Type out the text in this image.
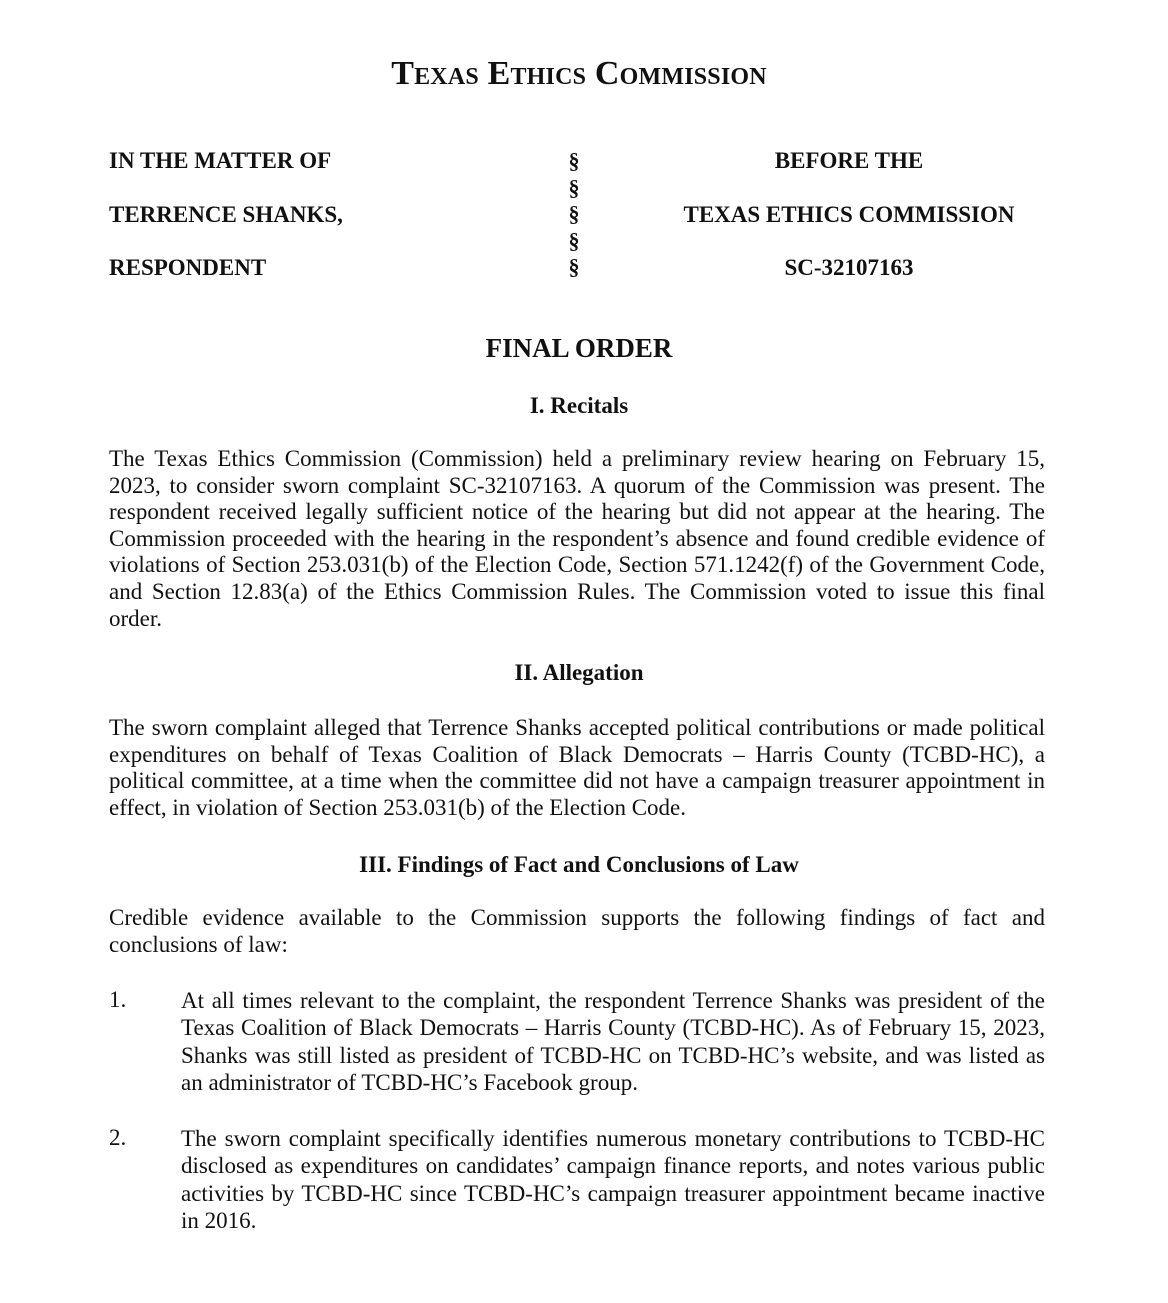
Texas Ethics Commission
IN THE MATTER OF
TERRENCE SHANKS,
RESPONDENT
§
§
§
§
§
BEFORE THE
TEXAS ETHICS COMMISSION
SC-32107163
FINAL ORDER
I. Recitals

The Texas Ethics Commission (Commission) held a preliminary review hearing on February 15, 2023, to consider sworn complaint SC-32107163. A quorum of the Commission was present. The respondent received legally sufficient notice of the hearing but did not appear at the hearing. The Commission proceeded with the hearing in the respondent’s absence and found credible evidence of violations of Section 253.031(b) of the Election Code, Section 571.1242(f) of the Government Code, and Section 12.83(a) of the Ethics Commission Rules. The Commission voted to issue this final order.

II. Allegation

The sworn complaint alleged that Terrence Shanks accepted political contributions or made political expenditures on behalf of Texas Coalition of Black Democrats – Harris County (TCBD-HC), a political committee, at a time when the committee did not have a campaign treasurer appointment in effect, in violation of Section 253.031(b) of the Election Code.

III. Findings of Fact and Conclusions of Law

Credible evidence available to the Commission supports the following findings of fact and conclusions of law:

1. At all times relevant to the complaint, the respondent Terrence Shanks was president of the Texas Coalition of Black Democrats – Harris County (TCBD-HC). As of February 15, 2023, Shanks was still listed as president of TCBD-HC on TCBD-HC’s website, and was listed as an administrator of TCBD-HC’s Facebook group.

2. The sworn complaint specifically identifies numerous monetary contributions to TCBD-HC disclosed as expenditures on candidates’ campaign finance reports, and notes various public activities by TCBD-HC since TCBD-HC’s campaign treasurer appointment became inactive in 2016.
